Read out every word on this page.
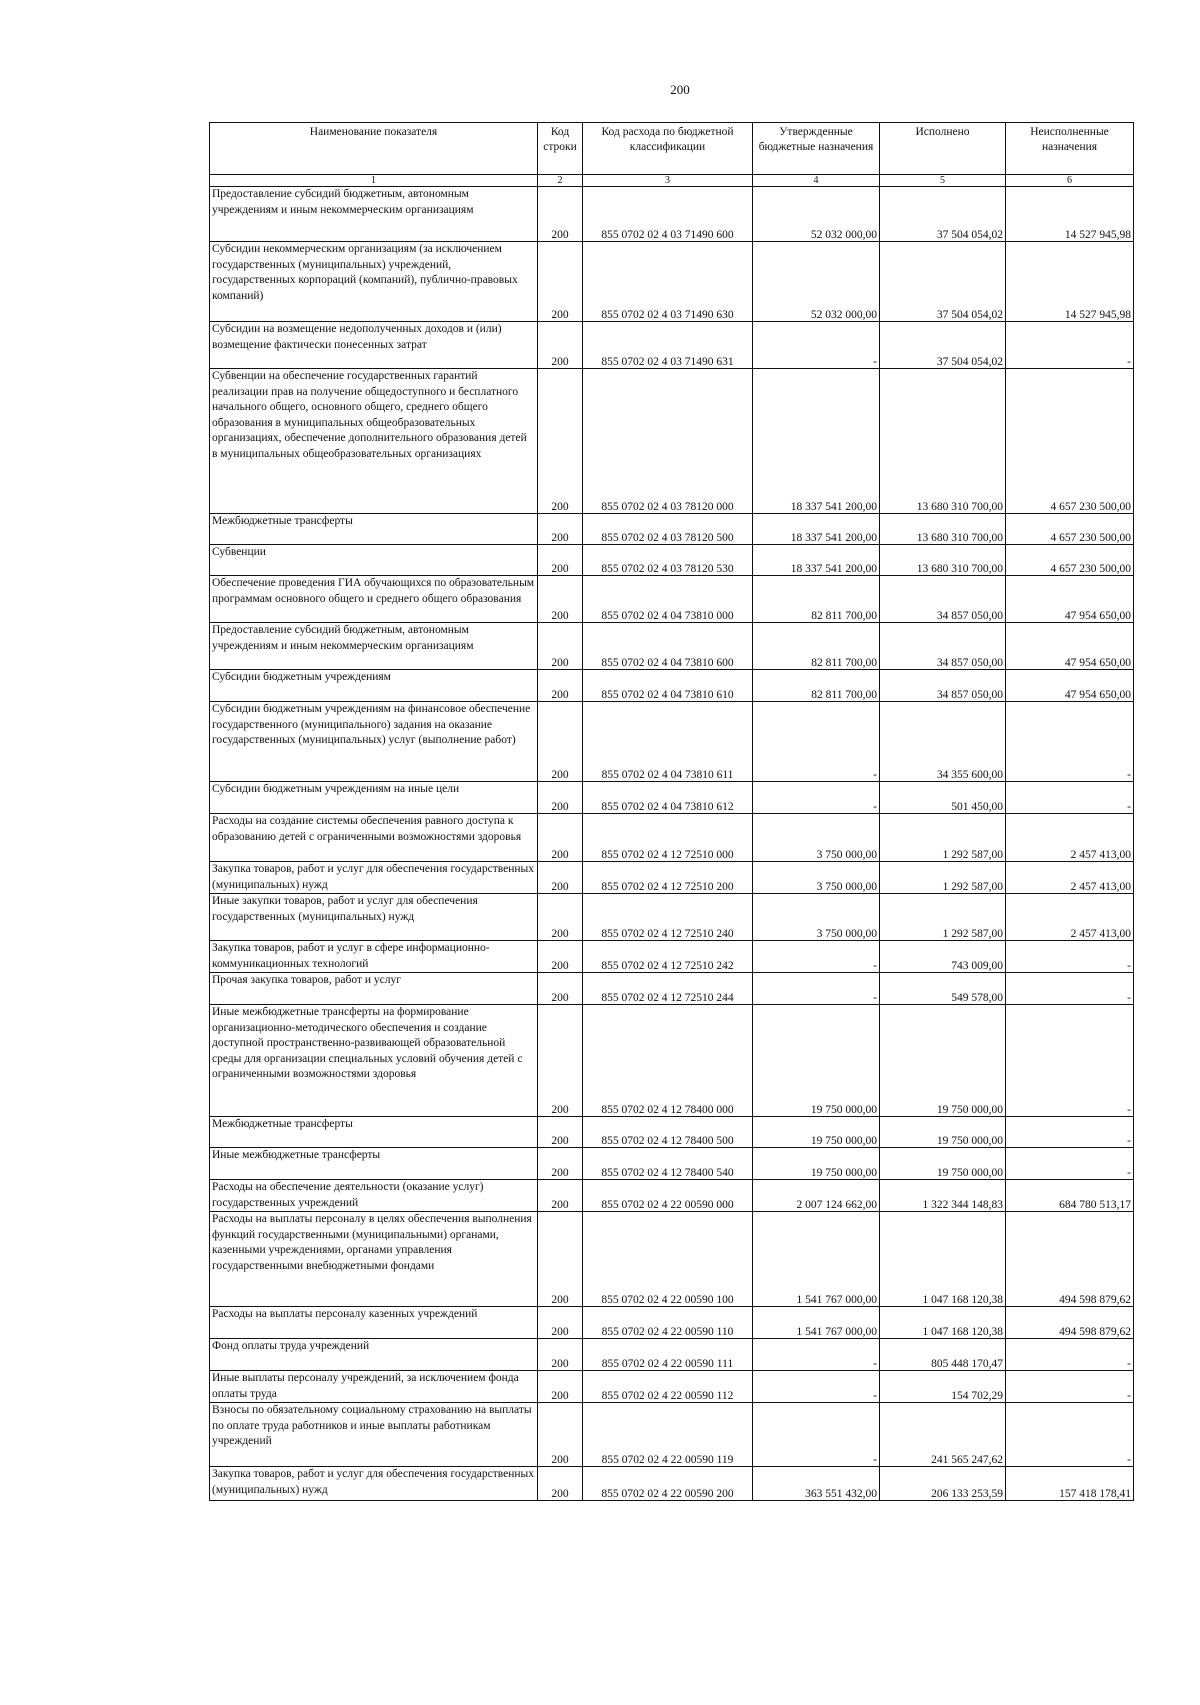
200
Наименование показателя	Код строки	Код расхода по бюджетной классификации	Утвержденные бюджетные назначения	Исполнено	Неисполненные назначения
1	2	3	4	5	6
Предоставление субсидий бюджетным, автономным учреждениям и иным некоммерческим организациям	200	855 0702 02 4 03 71490 600	52 032 000,00	37 504 054,02	14 527 945,98
Субсидии некоммерческим организациям (за исключением государственных (муниципальных) учреждений, государственных корпораций (компаний), публично-правовых компаний)	200	855 0702 02 4 03 71490 630	52 032 000,00	37 504 054,02	14 527 945,98
Субсидии на возмещение недополученных доходов и (или) возмещение фактически понесенных затрат	200	855 0702 02 4 03 71490 631	-	37 504 054,02	-
Субвенции на обеспечение государственных гарантий реализации прав на получение общедоступного и бесплатного начального общего, основного общего, среднего общего образования в муниципальных общеобразовательных организациях, обеспечение дополнительного образования детей в муниципальных общеобразовательных организациях	200	855 0702 02 4 03 78120 000	18 337 541 200,00	13 680 310 700,00	4 657 230 500,00
Межбюджетные трансферты	200	855 0702 02 4 03 78120 500	18 337 541 200,00	13 680 310 700,00	4 657 230 500,00
Субвенции	200	855 0702 02 4 03 78120 530	18 337 541 200,00	13 680 310 700,00	4 657 230 500,00
Обеспечение проведения ГИА обучающихся по образовательным программам основного общего и среднего общего образования	200	855 0702 02 4 04 73810 000	82 811 700,00	34 857 050,00	47 954 650,00
Предоставление субсидий бюджетным, автономным учреждениям и иным некоммерческим организациям	200	855 0702 02 4 04 73810 600	82 811 700,00	34 857 050,00	47 954 650,00
Субсидии бюджетным учреждениям	200	855 0702 02 4 04 73810 610	82 811 700,00	34 857 050,00	47 954 650,00
Субсидии бюджетным учреждениям на финансовое обеспечение государственного (муниципального) задания на оказание государственных (муниципальных) услуг (выполнение работ)	200	855 0702 02 4 04 73810 611	-	34 355 600,00	-
Субсидии бюджетным учреждениям на иные цели	200	855 0702 02 4 04 73810 612	-	501 450,00	-
Расходы на создание системы обеспечения равного доступа к образованию детей с ограниченными возможностями здоровья	200	855 0702 02 4 12 72510 000	3 750 000,00	1 292 587,00	2 457 413,00
Закупка товаров, работ и услуг для обеспечения государственных (муниципальных) нужд	200	855 0702 02 4 12 72510 200	3 750 000,00	1 292 587,00	2 457 413,00
Иные закупки товаров, работ и услуг для обеспечения государственных (муниципальных) нужд	200	855 0702 02 4 12 72510 240	3 750 000,00	1 292 587,00	2 457 413,00
Закупка товаров, работ и услуг в сфере информационно-коммуникационных технологий	200	855 0702 02 4 12 72510 242	-	743 009,00	-
Прочая закупка товаров, работ и услуг	200	855 0702 02 4 12 72510 244	-	549 578,00	-
Иные межбюджетные трансферты на формирование организационно-методического обеспечения и создание доступной пространственно-развивающей образовательной среды для организации специальных условий обучения детей с ограниченными возможностями здоровья	200	855 0702 02 4 12 78400 000	19 750 000,00	19 750 000,00	-
Межбюджетные трансферты	200	855 0702 02 4 12 78400 500	19 750 000,00	19 750 000,00	-
Иные межбюджетные трансферты	200	855 0702 02 4 12 78400 540	19 750 000,00	19 750 000,00	-
Расходы на обеспечение деятельности (оказание услуг) государственных учреждений	200	855 0702 02 4 22 00590 000	2 007 124 662,00	1 322 344 148,83	684 780 513,17
Расходы на выплаты персоналу в целях обеспечения выполнения функций государственными (муниципальными) органами, казенными учреждениями, органами управления государственными внебюджетными фондами	200	855 0702 02 4 22 00590 100	1 541 767 000,00	1 047 168 120,38	494 598 879,62
Расходы на выплаты персоналу казенных учреждений	200	855 0702 02 4 22 00590 110	1 541 767 000,00	1 047 168 120,38	494 598 879,62
Фонд оплаты труда учреждений	200	855 0702 02 4 22 00590 111	-	805 448 170,47	-
Иные выплаты персоналу учреждений, за исключением фонда оплаты труда	200	855 0702 02 4 22 00590 112	-	154 702,29	-
Взносы по обязательному социальному страхованию на выплаты по оплате труда работников и иные выплаты работникам учреждений	200	855 0702 02 4 22 00590 119	-	241 565 247,62	-
Закупка товаров, работ и услуг для обеспечения государственных (муниципальных) нужд	200	855 0702 02 4 22 00590 200	363 551 432,00	206 133 253,59	157 418 178,41
